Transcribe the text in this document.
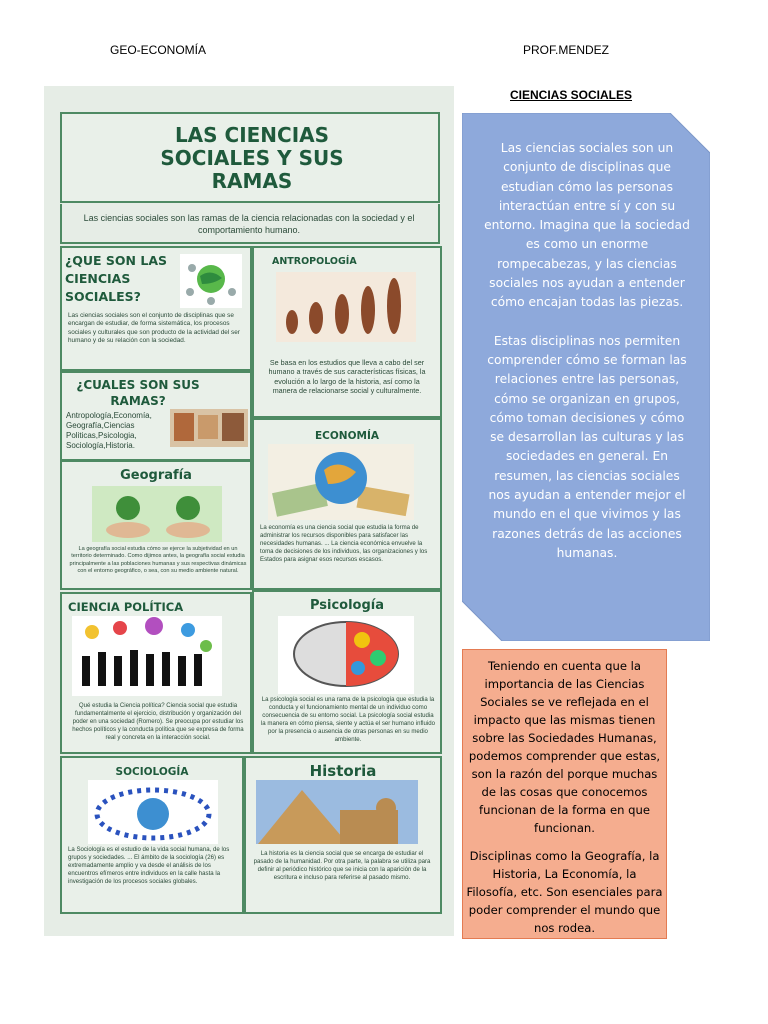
GEO-ECONOMÍA	PROF.MENDEZ
CIENCIAS SOCIALES
LAS CIENCIAS SOCIALES Y SUS RAMAS
Las ciencias sociales son las ramas de la ciencia relacionadas con la sociedad y el comportamiento humano.
¿QUE SON LAS CIENCIAS SOCIALES?
Las ciencias sociales son el conjunto de disciplinas que se encargan de estudiar, de forma sistemática, los procesos sociales y culturales que son producto de la actividad del ser humano y de su relación con la sociedad.
¿CUALES SON SUS RAMAS?
Antropología,Economía, Geografía,Ciencias Politicas,Psicologia, Sociología,Historia.
ANTROPOLOGÍA
Se basa en los estudios que lleva a cabo del ser humano a través de sus características físicas, la evolución a lo largo de la historia, así como la manera de relacionarse social y culturalmente.
Geografía
La geografía social estudia cómo se ejerce la subjetividad en un territorio determinado. Como dijimos antes, la geografía social estudia principalmente a las poblaciones humanas y sus respectivas dinámicas con el entorno geográfico, o sea, con su medio ambiente natural.
ECONOMÍA
La economía es una ciencia social que estudia la forma de administrar los recursos disponibles para satisfacer las necesidades humanas. ... La ciencia económica envuelve la toma de decisiones de los individuos, las organizaciones y los Estados para asignar esos recursos escasos.
CIENCIA POLÍTICA
Qué estudia la Ciencia política? Ciencia social que estudia fundamentalmente el ejercicio, distribución y organización del poder en una sociedad (Romero). Se preocupa por estudiar los hechos políticos y la conducta política que se expresa de forma real y concreta en la interacción social.
Psicología
La psicología social es una rama de la psicología que estudia la conducta y el funcionamiento mental de un individuo como consecuencia de su entorno social. La psicología social estudia la manera en cómo piensa, siente y actúa el ser humano influido por la presencia o ausencia de otras personas en su medio ambiente.
SOCIOLOGÍA
La Sociología es el estudio de la vida social humana, de los grupos y sociedades. ... El ámbito de la sociología (26) es extremadamente amplio y va desde el análisis de los encuentros efímeros entre individuos en la calle hasta la investigación de los procesos sociales globales.
Historia
La historia es la ciencia social que se encarga de estudiar el pasado de la humanidad. Por otra parte, la palabra se utiliza para definir al periódico histórico que se inicia con la aparición de la escritura e incluso para referirse al pasado mismo.

Las ciencias sociales son un conjunto de disciplinas que estudian cómo las personas interactúan entre sí y con su entorno. Imagina que la sociedad es como un enorme rompecabezas, y las ciencias sociales nos ayudan a entender cómo encajan todas las piezas.

Estas disciplinas nos permiten comprender cómo se forman las relaciones entre las personas, cómo se organizan en grupos, cómo toman decisiones y cómo se desarrollan las culturas y las sociedades en general. En resumen, las ciencias sociales nos ayudan a entender mejor el mundo en el que vivimos y las razones detrás de las acciones humanas.

Teniendo en cuenta que la importancia de las Ciencias Sociales se ve reflejada en el impacto que las mismas tienen sobre las Sociedades Humanas, podemos comprender que estas, son la razón del porque muchas de las cosas que conocemos funcionan de la forma en que funcionan.

Disciplinas como la Geografía, la Historia, La Economía, la Filosofía, etc. Son esenciales para poder comprender el mundo que nos rodea.
